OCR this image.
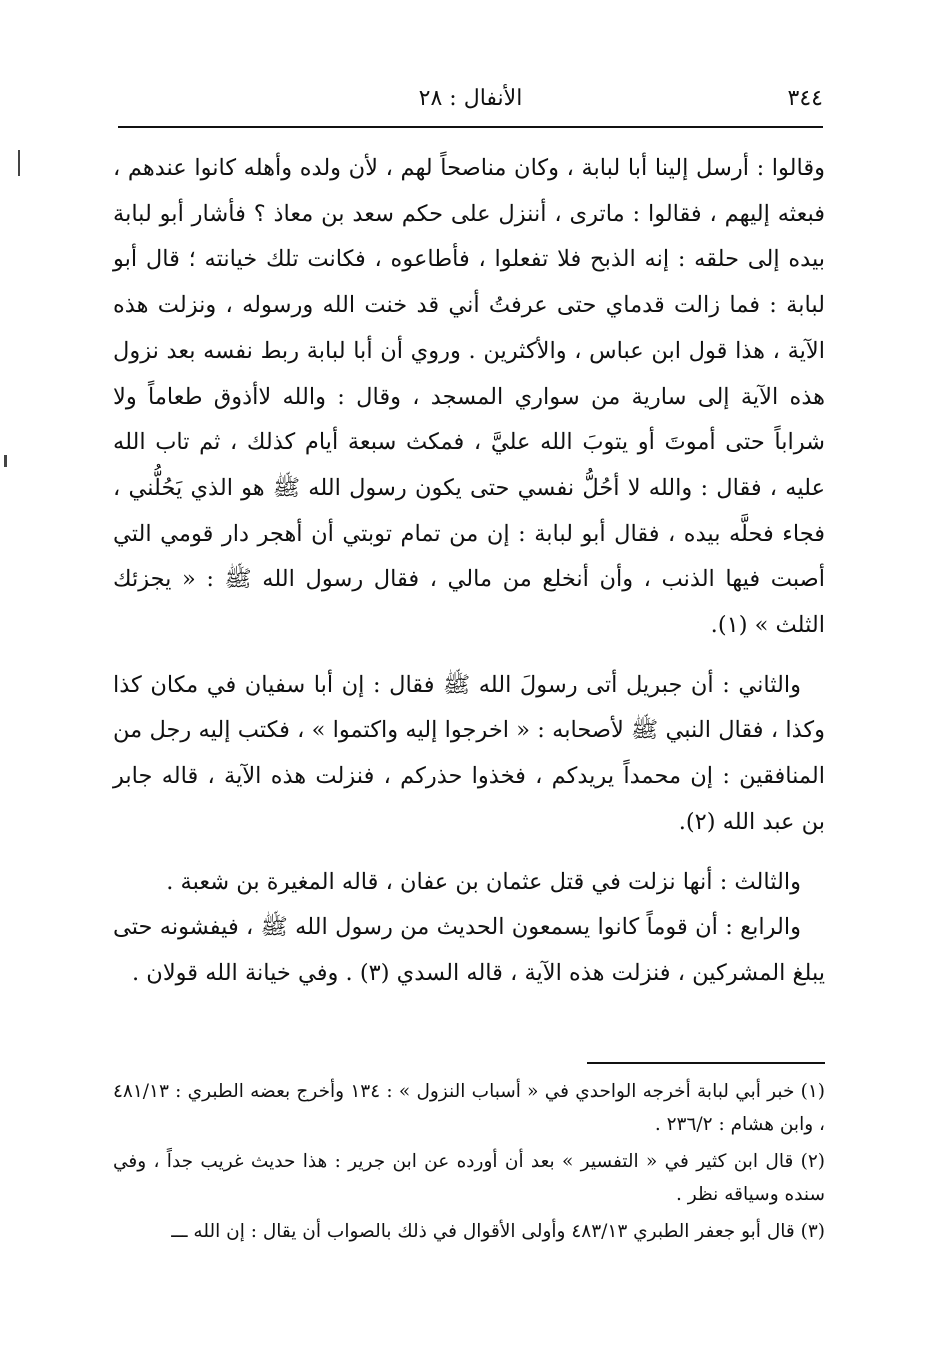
٣٤٤
الأنفال : ٢٨

وقالوا : أرسل إلينا أبا لبابة ، وكان مناصحاً لهم ، لأن ولده وأهله كانوا عندهم ، فبعثه إليهم ، فقالوا : ماترى ، أننزل على حكم سعد بن معاذ ؟ فأشار أبو لبابة بيده إلى حلقه : إنه الذبح فلا تفعلوا ، فأطاعوه ، فكانت تلك خيانته ؛ قال أبو لبابة : فما زالت قدماي حتى عرفتُ أني قد خنت الله ورسوله ، ونزلت هذه الآية ، هذا قول ابن عباس ، والأكثرين . وروي أن أبا لبابة ربط نفسه بعد نزول هذه الآية إلى سارية من سواري المسجد ، وقال : والله لاأذوق طعاماً ولا شراباً حتى أموتَ أو يتوبَ الله عليَّ ، فمكث سبعة أيام كذلك ، ثم تاب الله عليه ، فقال : والله لا أحُلُّ نفسي حتى يكون رسول الله ﷺ هو الذي يَحُلُّني ، فجاء فحلَّه بيده ، فقال أبو لبابة : إن من تمام توبتي أن أهجر دار قومي التي أصبت فيها الذنب ، وأن أنخلع من مالي ، فقال رسول الله ﷺ : « يجزئك الثلث » (١).

والثاني : أن جبريل أتى رسولَ الله ﷺ فقال : إن أبا سفيان في مكان كذا وكذا ، فقال النبي ﷺ لأصحابه : « اخرجوا إليه واكتموا » ، فكتب إليه رجل من المنافقين : إن محمداً يريدكم ، فخذوا حذركم ، فنزلت هذه الآية ، قاله جابر بن عبد الله (٢).

والثالث : أنها نزلت في قتل عثمان بن عفان ، قاله المغيرة بن شعبة .

والرابع : أن قوماً كانوا يسمعون الحديث من رسول الله ﷺ ، فيفشونه حتى يبلغ المشركين ، فنزلت هذه الآية ، قاله السدي (٣) . وفي خيانة الله قولان .

(١) خبر أبي لبابة أخرجه الواحدي في « أسباب النزول » : ١٣٤ وأخرج بعضه الطبري : ٤٨١/١٣ ، وابن هشام : ٢٣٦/٢ .

(٢) قال ابن كثير في « التفسير » بعد أن أورده عن ابن جرير : هذا حديث غريب جداً ، وفي سنده وسياقه نظر .

(٣) قال أبو جعفر الطبري ٤٨٣/١٣ وأولى الأقوال في ذلك بالصواب أن يقال : إن الله ـــ
